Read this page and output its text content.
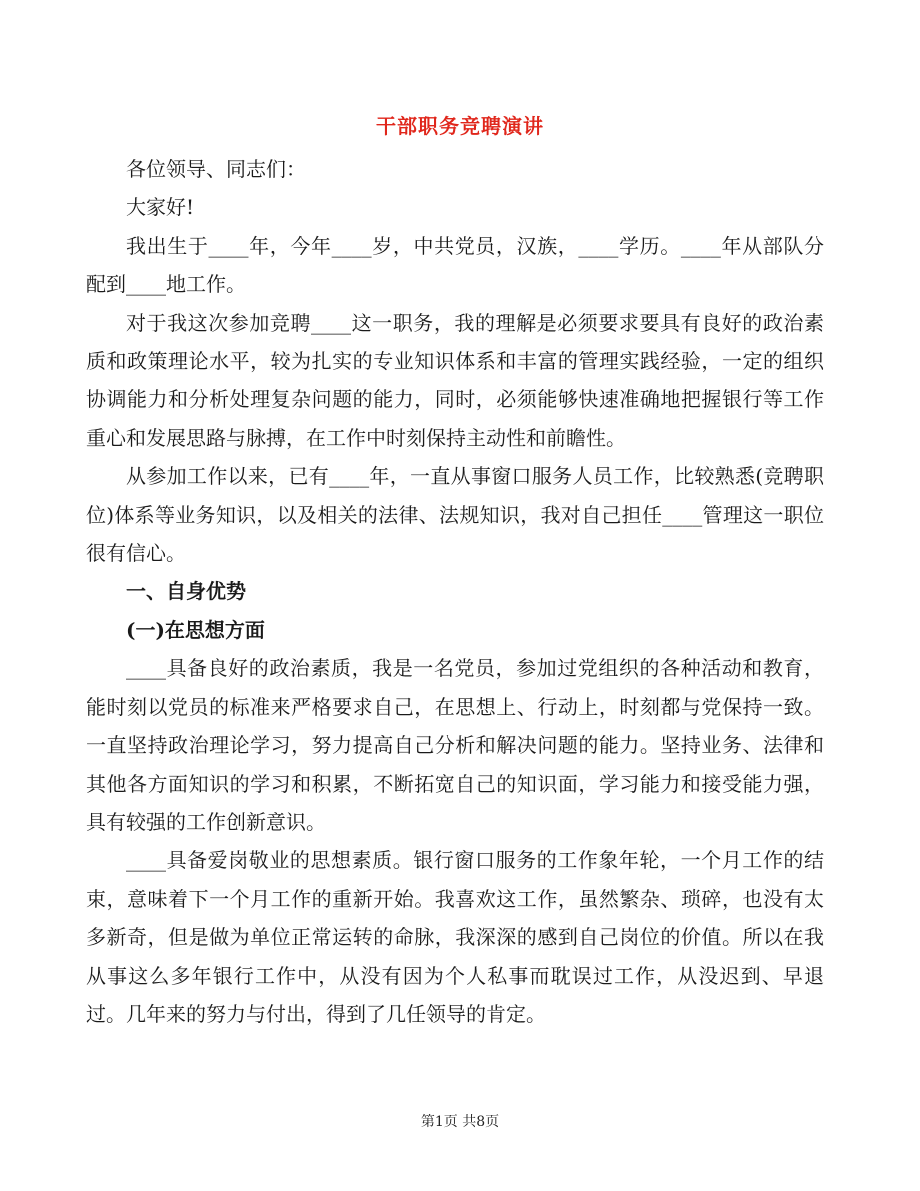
干部职务竞聘演讲

各位领导、同志们：

大家好!

我出生于____年，今年____岁，中共党员，汉族，____学历。____年从部队分配到____地工作。

对于我这次参加竞聘____这一职务，我的理解是必须要求要具有良好的政治素质和政策理论水平，较为扎实的专业知识体系和丰富的管理实践经验，一定的组织协调能力和分析处理复杂问题的能力，同时，必须能够快速准确地把握银行等工作重心和发展思路与脉搏，在工作中时刻保持主动性和前瞻性。

从参加工作以来，已有____年，一直从事窗口服务人员工作，比较熟悉(竞聘职位)体系等业务知识，以及相关的法律、法规知识，我对自己担任____管理这一职位很有信心。

一、自身优势

(一)在思想方面

____具备良好的政治素质，我是一名党员，参加过党组织的各种活动和教育，能时刻以党员的标准来严格要求自己，在思想上、行动上，时刻都与党保持一致。一直坚持政治理论学习，努力提高自己分析和解决问题的能力。坚持业务、法律和其他各方面知识的学习和积累，不断拓宽自己的知识面，学习能力和接受能力强，具有较强的工作创新意识。

____具备爱岗敬业的思想素质。银行窗口服务的工作象年轮，一个月工作的结束，意味着下一个月工作的重新开始。我喜欢这工作，虽然繁杂、琐碎，也没有太多新奇，但是做为单位正常运转的命脉，我深深的感到自己岗位的价值。所以在我从事这么多年银行工作中，从没有因为个人私事而耽误过工作，从没迟到、早退过。几年来的努力与付出，得到了几任领导的肯定。

第1页 共8页
